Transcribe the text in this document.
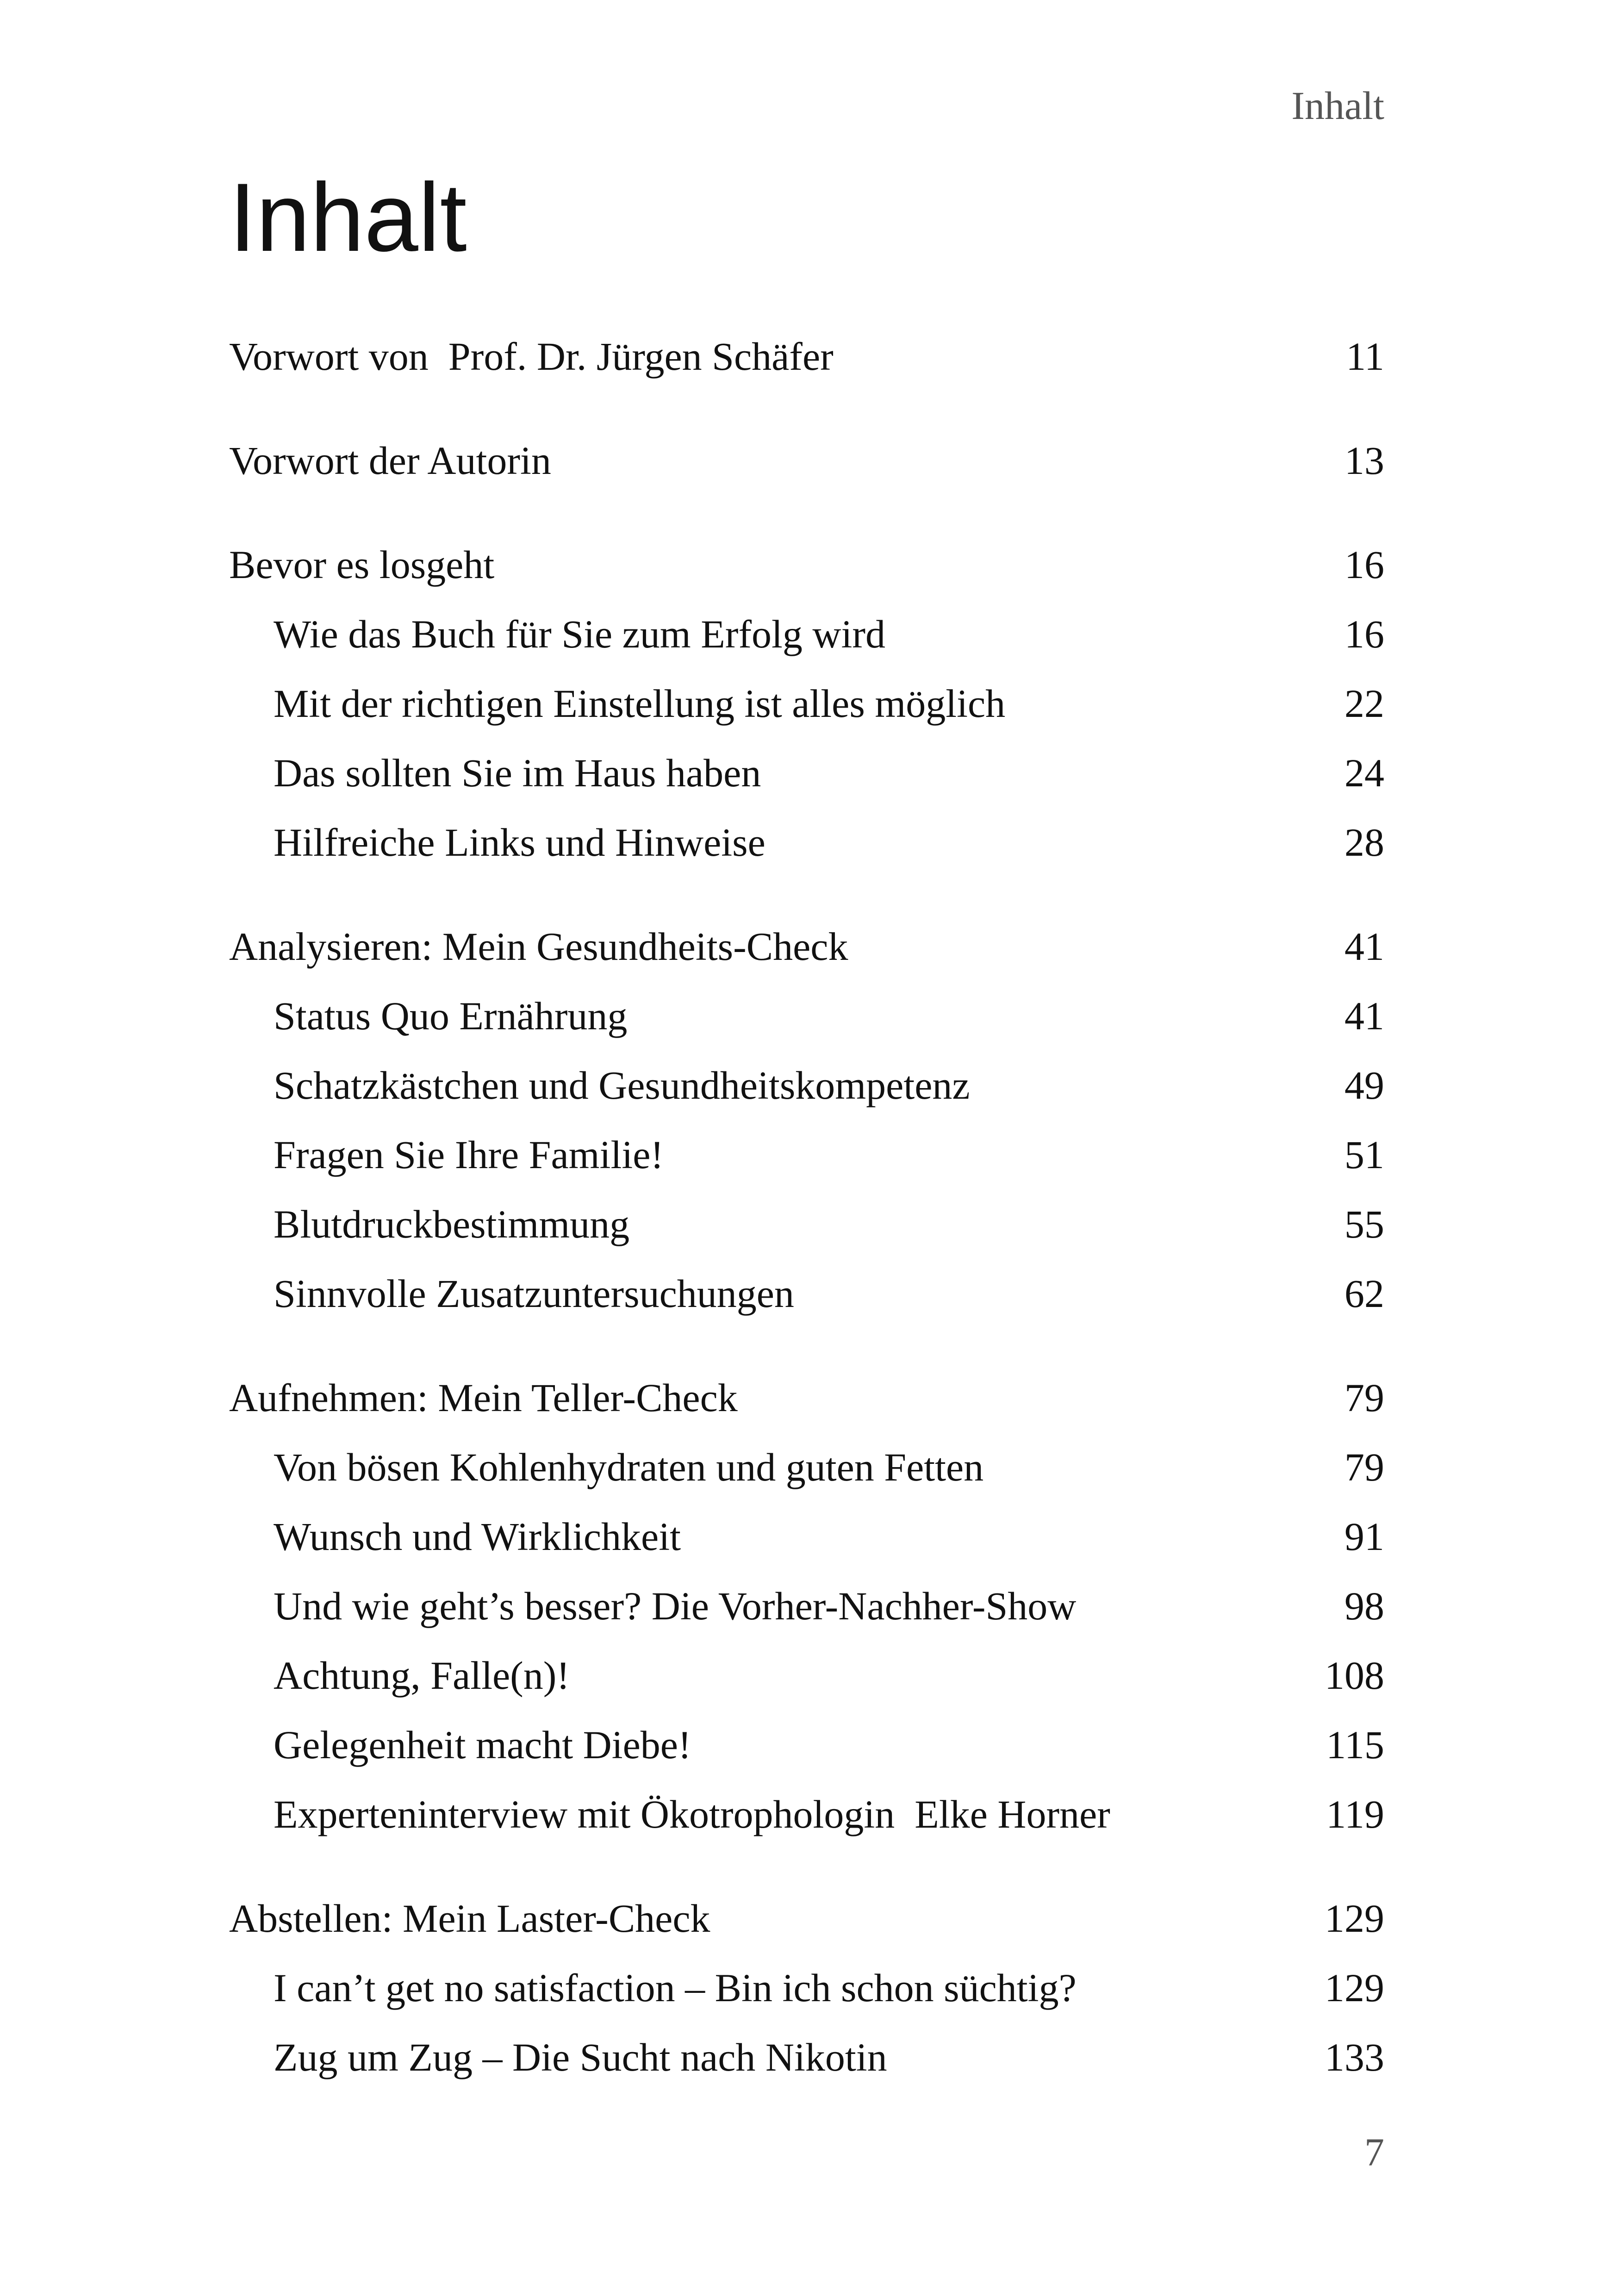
Inhalt
Inhalt
Vorwort von  Prof. Dr. Jürgen Schäfer	11
Vorwort der Autorin	13
Bevor es losgeht	16
Wie das Buch für Sie zum Erfolg wird	16
Mit der richtigen Einstellung ist alles möglich	22
Das sollten Sie im Haus haben	24
Hilfreiche Links und Hinweise	28
Analysieren: Mein Gesundheits-Check	41
Status Quo Ernährung	41
Schatzkästchen und Gesundheitskompetenz	49
Fragen Sie Ihre Familie!	51
Blutdruckbestimmung	55
Sinnvolle Zusatzuntersuchungen	62
Aufnehmen: Mein Teller-Check	79
Von bösen Kohlenhydraten und guten Fetten	79
Wunsch und Wirklichkeit	91
Und wie geht’s besser? Die Vorher-Nachher-Show	98
Achtung, Falle(n)!	108
Gelegenheit macht Diebe!	115
Experteninterview mit Ökotrophologin  Elke Horner	119
Abstellen: Mein Laster-Check	129
I can’t get no satisfaction – Bin ich schon süchtig?	129
Zug um Zug – Die Sucht nach Nikotin	133
7
